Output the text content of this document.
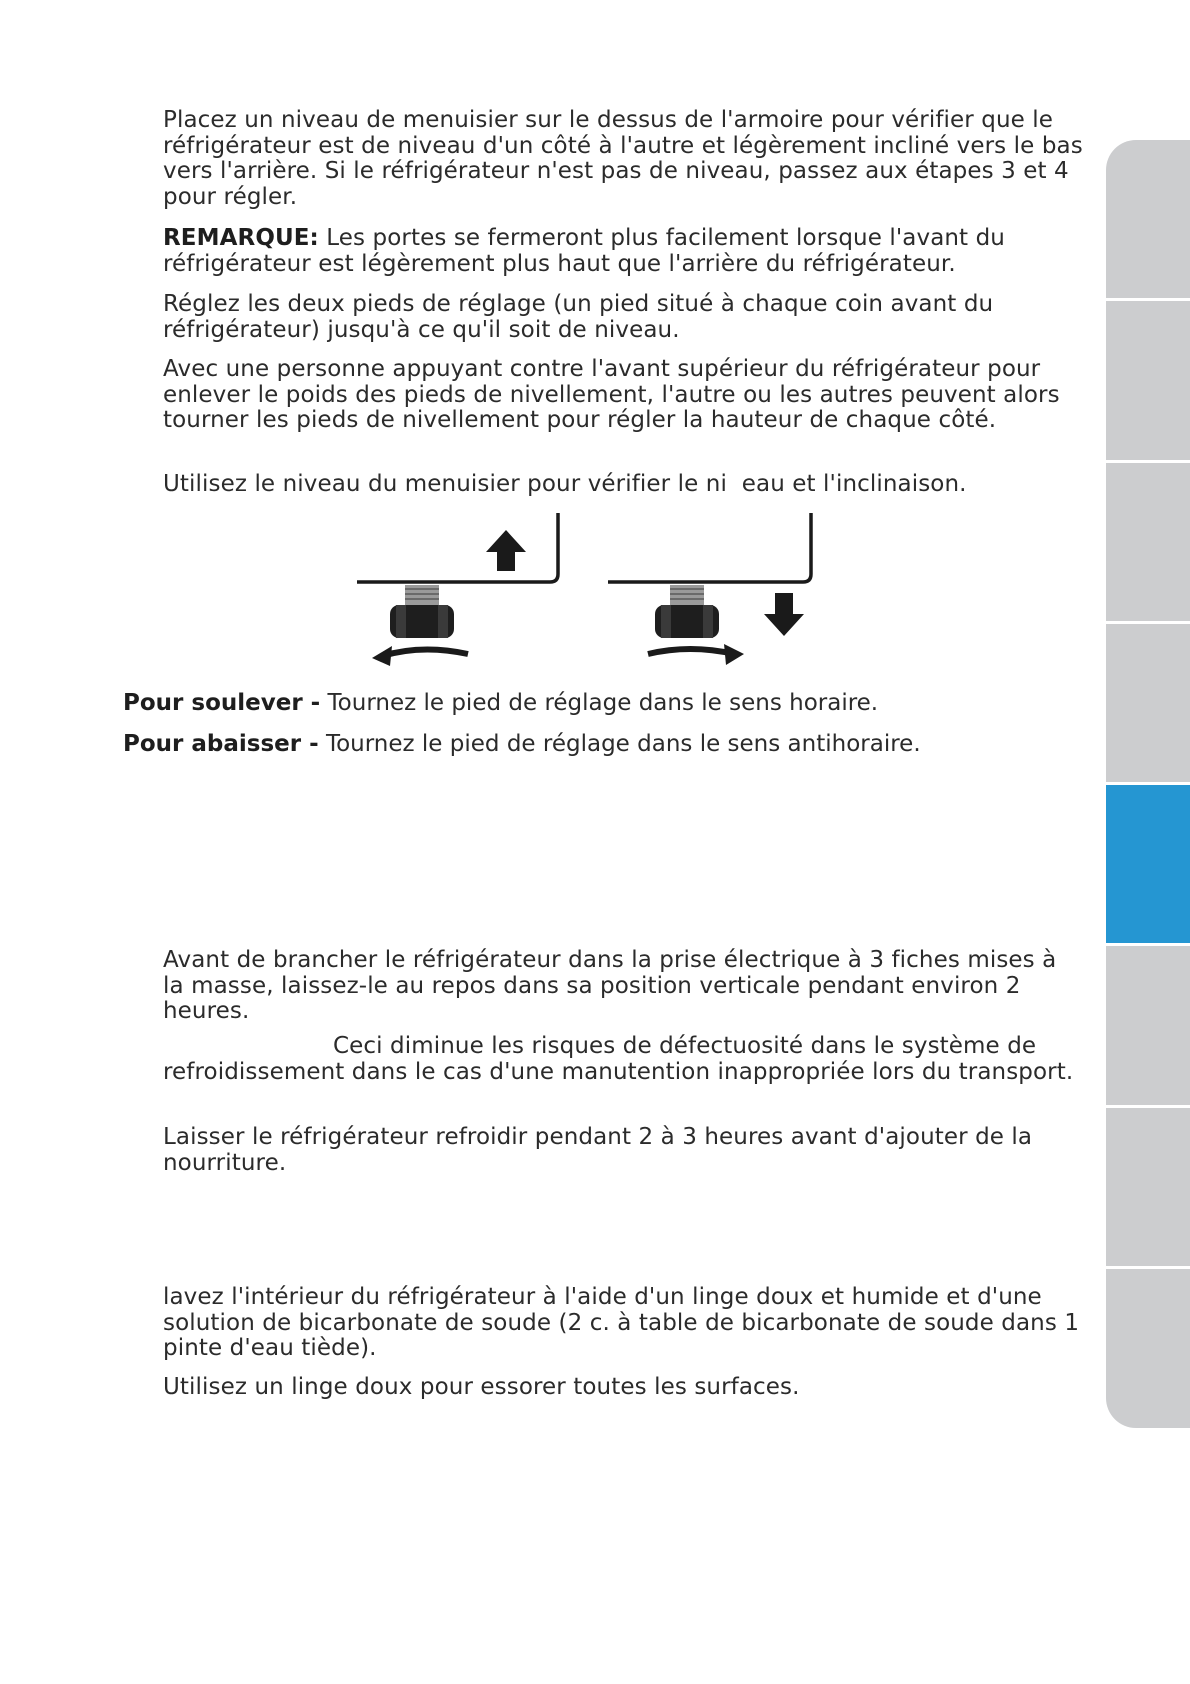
Placez un niveau de menuisier sur le dessus de l'armoire pour vérifier que le réfrigérateur est de niveau d'un côté à l'autre et légèrement incliné vers le bas vers l'arrière. Si le réfrigérateur n'est pas de niveau, passez aux étapes 3 et 4 pour régler.

REMARQUE: Les portes se fermeront plus facilement lorsque l'avant du réfrigérateur est légèrement plus haut que l'arrière du réfrigérateur.

Réglez les deux pieds de réglage (un pied situé à chaque coin avant du réfrigérateur) jusqu'à ce qu'il soit de niveau.

Avec une personne appuyant contre l'avant supérieur du réfrigérateur pour enlever le poids des pieds de nivellement, l'autre ou les autres peuvent alors tourner les pieds de nivellement pour régler la hauteur de chaque côté.

Utilisez le niveau du menuisier pour vérifier le ni  eau et l'inclinaison.

Pour soulever - Tournez le pied de réglage dans le sens horaire.

Pour abaisser - Tournez le pied de réglage dans le sens antihoraire.

Avant de brancher le réfrigérateur dans la prise électrique à 3 fiches mises à la masse, laissez-le au repos dans sa position verticale pendant environ 2 heures.

Ceci diminue les risques de défectuosité dans le système de refroidissement dans le cas d'une manutention inappropriée lors du transport.

Laisser le réfrigérateur refroidir pendant 2 à 3 heures avant d'ajouter de la nourriture.

lavez l'intérieur du réfrigérateur à l'aide d'un linge doux et humide et d'une solution de bicarbonate de soude (2 c. à table de bicarbonate de soude dans 1 pinte d'eau tiède).

Utilisez un linge doux pour essorer toutes les surfaces.
